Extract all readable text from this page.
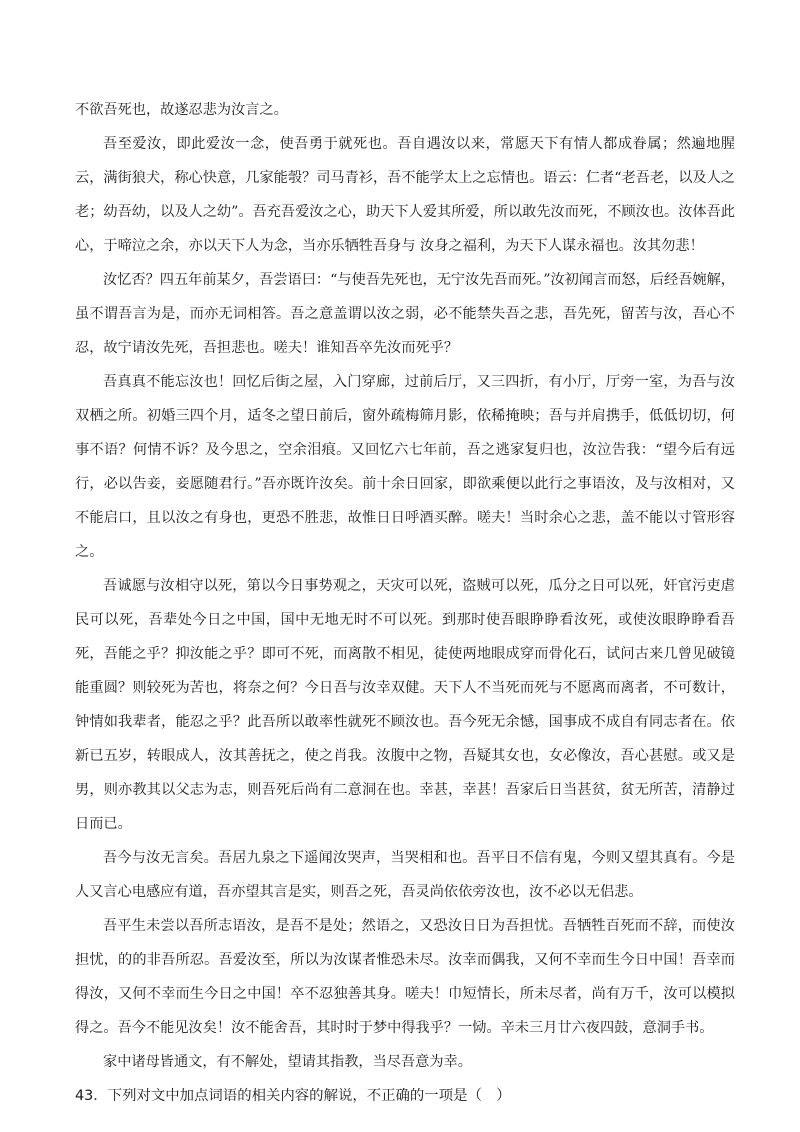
不欲吾死也，故遂忍悲为汝言之。

吾至爱汝，即此爱汝一念，使吾勇于就死也。吾自遇汝以来，常愿天下有情人都成眷属；然遍地腥云，满街狼犬，称心快意，几家能彀？司马青衫，吾不能学太上之忘情也。语云：仁者“老吾老，以及人之老；幼吾幼，以及人之幼”。吾充吾爱汝之心，助天下人爱其所爱，所以敢先汝而死，不顾汝也。汝体吾此心，于啼泣之余，亦以天下人为念，当亦乐牺牲吾身与 汝身之福利，为天下人谋永福也。汝其勿悲！

汝忆否？四五年前某夕，吾尝语曰：“与使吾先死也，无宁汝先吾而死。”汝初闻言而怒，后经吾婉解，虽不谓吾言为是，而亦无词相答。吾之意盖谓以汝之弱，必不能禁失吾之悲，吾先死，留苦与汝，吾心不忍，故宁请汝先死，吾担悲也。嗟夫！谁知吾卒先汝而死乎？

吾真真不能忘汝也！回忆后街之屋，入门穿廊，过前后厅，又三四折，有小厅，厅旁一室，为吾与汝双栖之所。初婚三四个月，适冬之望日前后，窗外疏梅筛月影，依稀掩映；吾与并肩携手，低低切切，何事不语？何情不诉？及今思之，空余泪痕。又回忆六七年前，吾之逃家复归也，汝泣告我：“望今后有远行，必以告妾，妾愿随君行。”吾亦既许汝矣。前十余日回家，即欲乘便以此行之事语汝，及与汝相对，又不能启口，且以汝之有身也，更恐不胜悲，故惟日日呼酒买醉。嗟夫！当时余心之悲，盖不能以寸管形容之。

吾诚愿与汝相守以死，第以今日事势观之，天灾可以死，盗贼可以死，瓜分之日可以死，奸官污吏虐民可以死，吾辈处今日之中国，国中无地无时不可以死。到那时使吾眼睁睁看汝死，或使汝眼睁睁看吾死，吾能之乎？抑汝能之乎？即可不死，而离散不相见，徒使两地眼成穿而骨化石，试问古来几曾见破镜能重圆？则较死为苦也，将奈之何？今日吾与汝幸双健。天下人不当死而死与不愿离而离者，不可数计，钟情如我辈者，能忍之乎？此吾所以敢率性就死不顾汝也。吾今死无余憾，国事成不成自有同志者在。依新已五岁，转眼成人，汝其善抚之，使之肖我。汝腹中之物，吾疑其女也，女必像汝，吾心甚慰。或又是男，则亦教其以父志为志，则吾死后尚有二意洞在也。幸甚，幸甚！吾家后日当甚贫，贫无所苦，清静过日而已。

吾今与汝无言矣。吾居九泉之下遥闻汝哭声，当哭相和也。吾平日不信有鬼，今则又望其真有。今是人又言心电感应有道，吾亦望其言是实，则吾之死，吾灵尚依依旁汝也，汝不必以无侣悲。

吾平生未尝以吾所志语汝，是吾不是处；然语之，又恐汝日日为吾担忧。吾牺牲百死而不辞，而使汝担忧，的的非吾所忍。吾爱汝至，所以为汝谋者惟恐未尽。汝幸而偶我，又何不幸而生今日中国！吾幸而得汝，又何不幸而生今日之中国！卒不忍独善其身。嗟夫！巾短情长，所未尽者，尚有万千，汝可以模拟得之。吾今不能见汝矣！汝不能舍吾，其时时于梦中得我乎？一恸。辛未三月廿六夜四鼓，意洞手书。

家中诸母皆通文，有不解处，望请其指教，当尽吾意为幸。

43．下列对文中加点词语的相关内容的解说，不正确的一项是（　）
